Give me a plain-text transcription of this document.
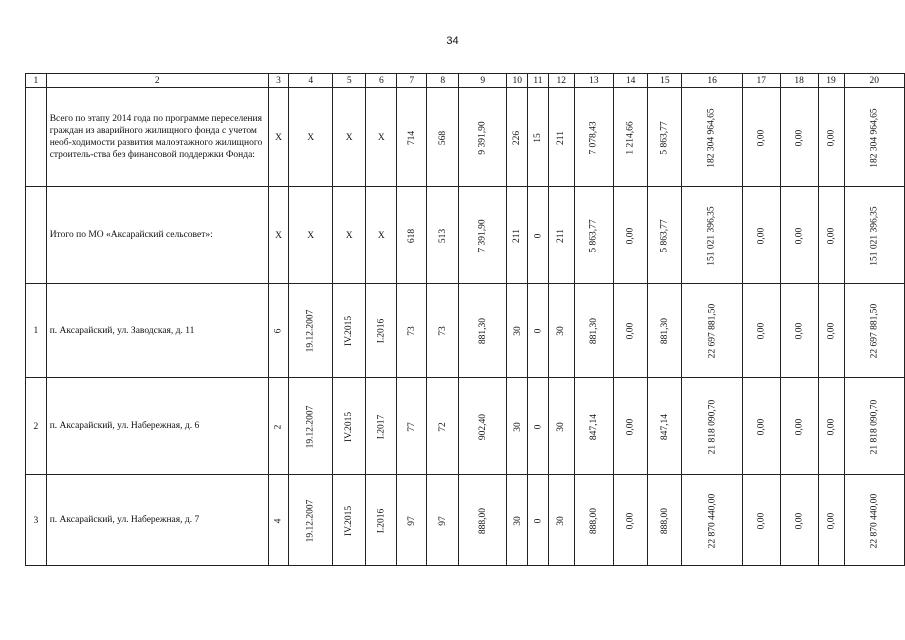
34
1	2	3	4	5	6	7	8	9	10	11	12	13	14	15	16	17	18	19	20
	Всего по этапу 2014 года по программе переселения граждан из аварийного жилищного фонда с учетом необ-ходимости развития малоэтажного жилищного строитель-ства без финансовой поддержки Фонда:	X	X	X	X	714	568	9 391,90	226	15	211	7 078,43	1 214,66	5 863,77	182 304 964,65	0,00	0,00	0,00	182 304 964,65
	Итого по МО «Аксарайский сельсовет»:	X	X	X	X	618	513	7 391,90	211	0	211	5 863,77	0,00	5 863,77	151 021 396,35	0,00	0,00	0,00	151 021 396,35
1	п. Аксарайский, ул. Заводская, д. 11	6	19.12.2007	IV.2015	I.2016	73	73	881,30	30	0	30	881,30	0,00	881,30	22 697 881,50	0,00	0,00	0,00	22 697 881,50
2	п. Аксарайский, ул. Набережная, д. 6	2	19.12.2007	IV.2015	I.2017	77	72	902,40	30	0	30	847,14	0,00	847,14	21 818 090,70	0,00	0,00	0,00	21 818 090,70
3	п. Аксарайский, ул. Набережная, д. 7	4	19.12.2007	IV.2015	I.2016	97	97	888,00	30	0	30	888,00	0,00	888,00	22 870 440,00	0,00	0,00	0,00	22 870 440,00
